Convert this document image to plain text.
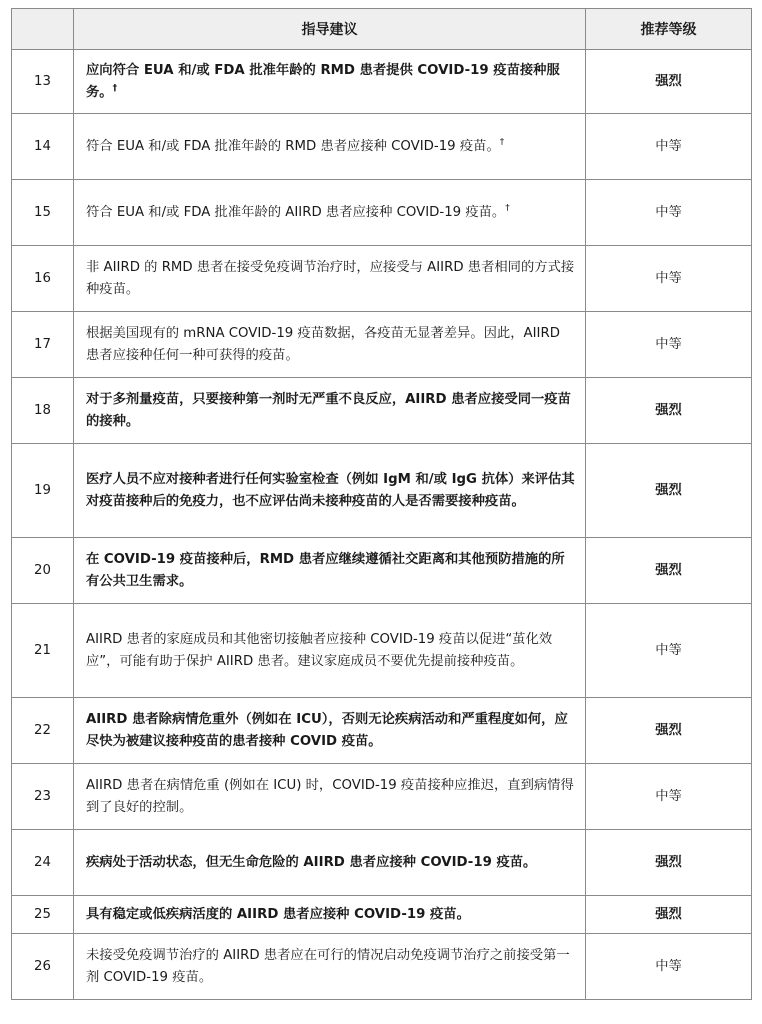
	指导建议	推荐等级
13	应向符合 EUA 和/或 FDA 批准年龄的 RMD 患者提供 COVID-19 疫苗接种服务。†	强烈
14	符合 EUA 和/或 FDA 批准年龄的 RMD 患者应接种 COVID-19 疫苗。†	中等
15	符合 EUA 和/或 FDA 批准年龄的 AIIRD 患者应接种 COVID-19 疫苗。†	中等
16	非 AIIRD 的 RMD 患者在接受免疫调节治疗时，应接受与 AIIRD 患者相同的方式接种疫苗。	中等
17	根据美国现有的 mRNA COVID-19 疫苗数据，各疫苗无显著差异。因此，AIIRD 患者应接种任何一种可获得的疫苗。	中等
18	对于多剂量疫苗，只要接种第一剂时无严重不良反应，AIIRD 患者应接受同一疫苗的接种。	强烈
19	医疗人员不应对接种者进行任何实验室检查（例如 IgM 和/或 IgG 抗体）来评估其对疫苗接种后的免疫力，也不应评估尚未接种疫苗的人是否需要接种疫苗。	强烈
20	在 COVID-19 疫苗接种后，RMD 患者应继续遵循社交距离和其他预防措施的所有公共卫生需求。	强烈
21	AIIRD 患者的家庭成员和其他密切接触者应接种 COVID-19 疫苗以促进“茧化效应”，可能有助于保护 AIIRD 患者。建议家庭成员不要优先提前接种疫苗。	中等
22	AIIRD 患者除病情危重外（例如在 ICU），否则无论疾病活动和严重程度如何，应尽快为被建议接种疫苗的患者接种 COVID 疫苗。	强烈
23	AIIRD 患者在病情危重 (例如在 ICU) 时，COVID-19 疫苗接种应推迟，直到病情得到了良好的控制。	中等
24	疾病处于活动状态，但无生命危险的 AIIRD 患者应接种 COVID-19 疫苗。	强烈
25	具有稳定或低疾病活度的 AIIRD 患者应接种 COVID-19 疫苗。	强烈
26	未接受免疫调节治疗的 AIIRD 患者应在可行的情况启动免疫调节治疗之前接受第一剂 COVID-19 疫苗。	中等
